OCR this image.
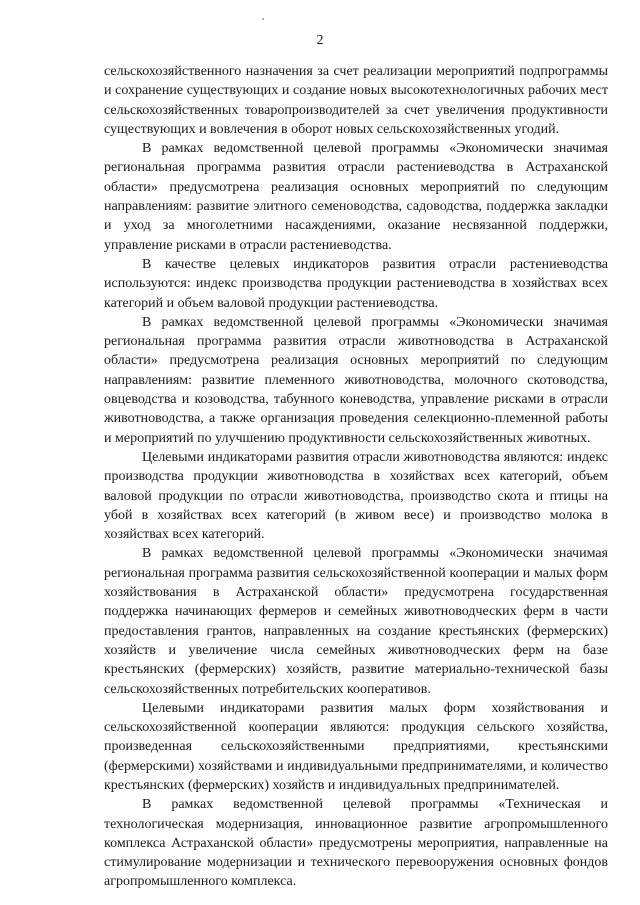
2

сельскохозяйственного назначения за счет реализации мероприятий подпрограммы и сохранение существующих и создание новых высокотехнологичных рабочих мест сельскохозяйственных товаропроизводителей за счет увеличения продуктивности существующих и вовлечения в оборот новых сельскохозяйственных угодий.

В рамках ведомственной целевой программы «Экономически значимая региональная программа развития отрасли растениеводства в Астраханской области» предусмотрена реализация основных мероприятий по следующим направлениям: развитие элитного семеноводства, садоводства, поддержка закладки и уход за многолетними насаждениями, оказание несвязанной поддержки, управление рисками в отрасли растениеводства.

В качестве целевых индикаторов развития отрасли растениеводства используются: индекс производства продукции растениеводства в хозяйствах всех категорий и объем валовой продукции растениеводства.

В рамках ведомственной целевой программы «Экономически значимая региональная программа развития отрасли животноводства в Астраханской области» предусмотрена реализация основных мероприятий по следующим направлениям: развитие племенного животноводства, молочного скотоводства, овцеводства и козоводства, табунного коневодства, управление рисками в отрасли животноводства, а также организация проведения селекционно-племенной работы и мероприятий по улучшению продуктивности сельскохозяйственных животных.

Целевыми индикаторами развития отрасли животноводства являются: индекс производства продукции животноводства в хозяйствах всех категорий, объем валовой продукции по отрасли животноводства, производство скота и птицы на убой в хозяйствах всех категорий (в живом весе) и производство молока в хозяйствах всех категорий.

В рамках ведомственной целевой программы «Экономически значимая региональная программа развития сельскохозяйственной кооперации и малых форм хозяйствования в Астраханской области» предусмотрена государственная поддержка начинающих фермеров и семейных животноводческих ферм в части предоставления грантов, направленных на создание крестьянских (фермерских) хозяйств и увеличение числа семейных животноводческих ферм на базе крестьянских (фермерских) хозяйств, развитие материально-технической базы сельскохозяйственных потребительских кооперативов.

Целевыми индикаторами развития малых форм хозяйствования и сельскохозяйственной кооперации являются: продукция сельского хозяйства, произведенная сельскохозяйственными предприятиями, крестьянскими (фермерскими) хозяйствами и индивидуальными предпринимателями, и количество крестьянских (фермерских) хозяйств и индивидуальных предпринимателей.

В рамках ведомственной целевой программы «Техническая и технологическая модернизация, инновационное развитие агропромышленного комплекса Астраханской области» предусмотрены мероприятия, направленные на стимулирование модернизации и технического перевооружения основных фондов агропромышленного комплекса.
